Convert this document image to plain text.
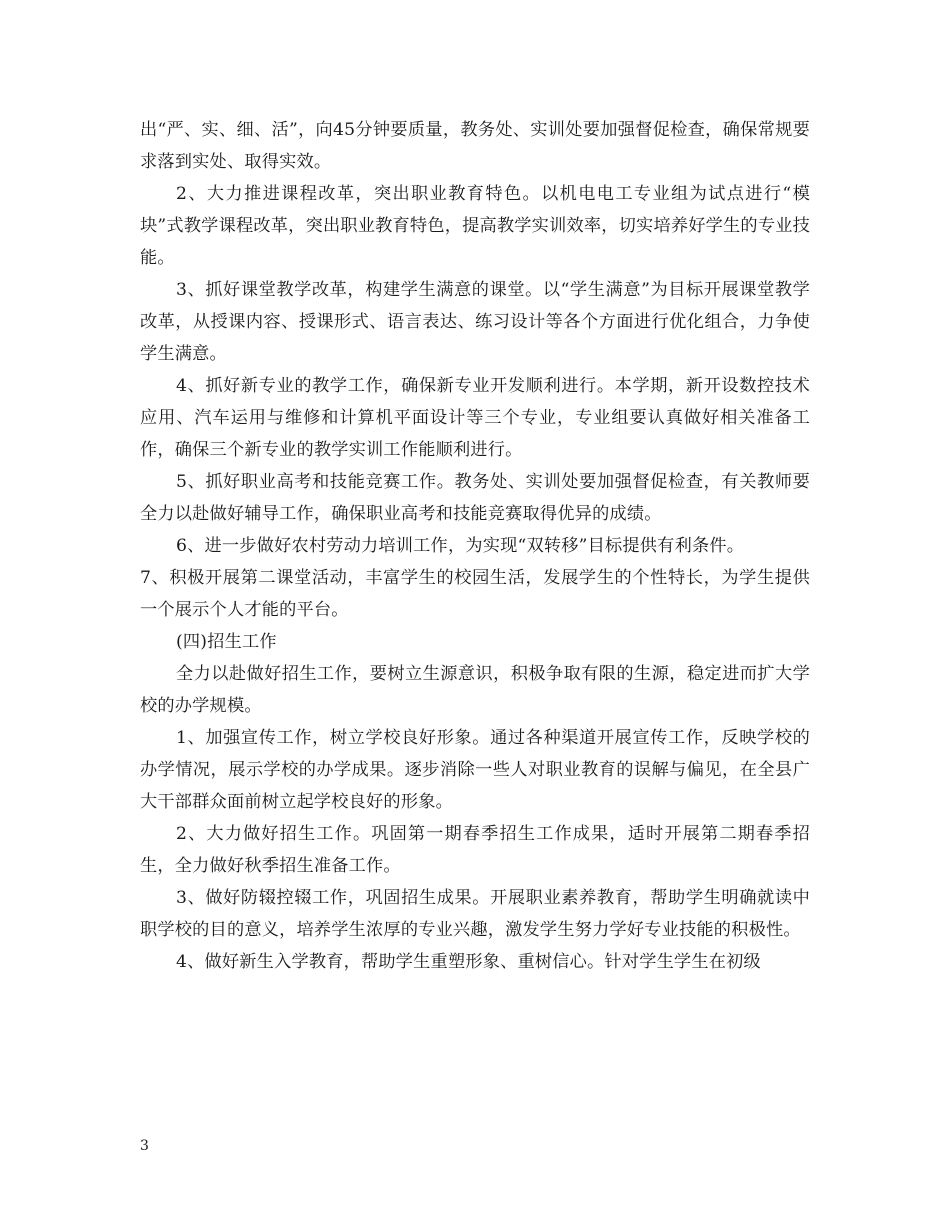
出“严、实、细、活”，向45分钟要质量，教务处、实训处要加强督促检查，确保常规要求落到实处、取得实效。

2、大力推进课程改革，突出职业教育特色。以机电电工专业组为试点进行“模块”式教学课程改革，突出职业教育特色，提高教学实训效率，切实培养好学生的专业技能。

3、抓好课堂教学改革，构建学生满意的课堂。以“学生满意”为目标开展课堂教学改革，从授课内容、授课形式、语言表达、练习设计等各个方面进行优化组合，力争使学生满意。

4、抓好新专业的教学工作，确保新专业开发顺利进行。本学期，新开设数控技术应用、汽车运用与维修和计算机平面设计等三个专业，专业组要认真做好相关准备工作，确保三个新专业的教学实训工作能顺利进行。

5、抓好职业高考和技能竞赛工作。教务处、实训处要加强督促检查，有关教师要全力以赴做好辅导工作，确保职业高考和技能竞赛取得优异的成绩。

6、进一步做好农村劳动力培训工作，为实现“双转移”目标提供有利条件。

7、积极开展第二课堂活动，丰富学生的校园生活，发展学生的个性特长，为学生提供一个展示个人才能的平台。

(四)招生工作

全力以赴做好招生工作，要树立生源意识，积极争取有限的生源，稳定进而扩大学校的办学规模。

1、加强宣传工作，树立学校良好形象。通过各种渠道开展宣传工作，反映学校的办学情况，展示学校的办学成果。逐步消除一些人对职业教育的误解与偏见，在全县广大干部群众面前树立起学校良好的形象。

2、大力做好招生工作。巩固第一期春季招生工作成果，适时开展第二期春季招生，全力做好秋季招生准备工作。

3、做好防辍控辍工作，巩固招生成果。开展职业素养教育，帮助学生明确就读中职学校的目的意义，培养学生浓厚的专业兴趣，激发学生努力学好专业技能的积极性。

4、做好新生入学教育，帮助学生重塑形象、重树信心。针对学生学生在初级

3
